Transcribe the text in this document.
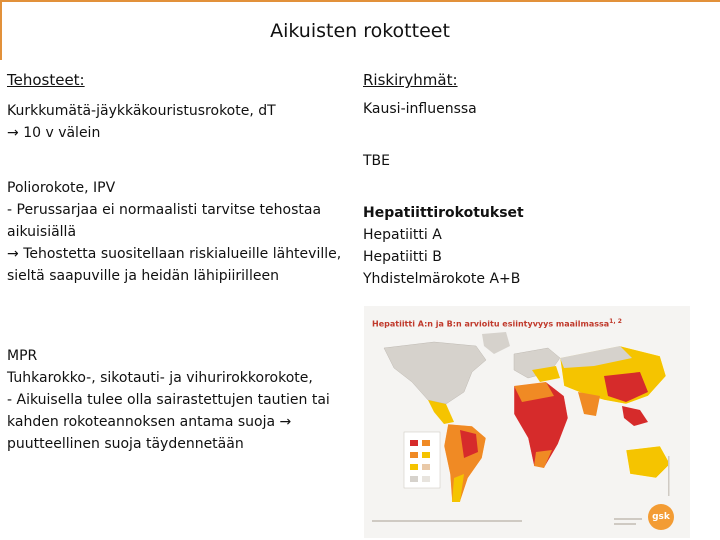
Aikuisten rokotteet
Tehosteet:
Kurkkumätä-jäykkäkouristusrokote, dT
→ 10 v välein
Poliorokote, IPV
- Perussarjaa ei normaalisti tarvitse tehostaa aikuisiällä
→ Tehostetta suositellaan riskialueille lähteville, sieltä saapuville ja heidän lähipiirilleen
MPR
Tuhkarokko-, sikotauti- ja vihurirokkorokote,
- Aikuisella tulee olla sairastettujen tautien tai kahden rokoteannoksen antama suoja → puutteellinen suoja täydennetään
Riskiryhmät:
Kausi-influenssa
TBE
Hepatiittirokotukset
Hepatiitti A
Hepatiitti B
Yhdistelmärokote A+B
Hepatiitti A:n ja B:n arvioitu esiintyvyys maailmassa$^{1, 2}$
gsk
